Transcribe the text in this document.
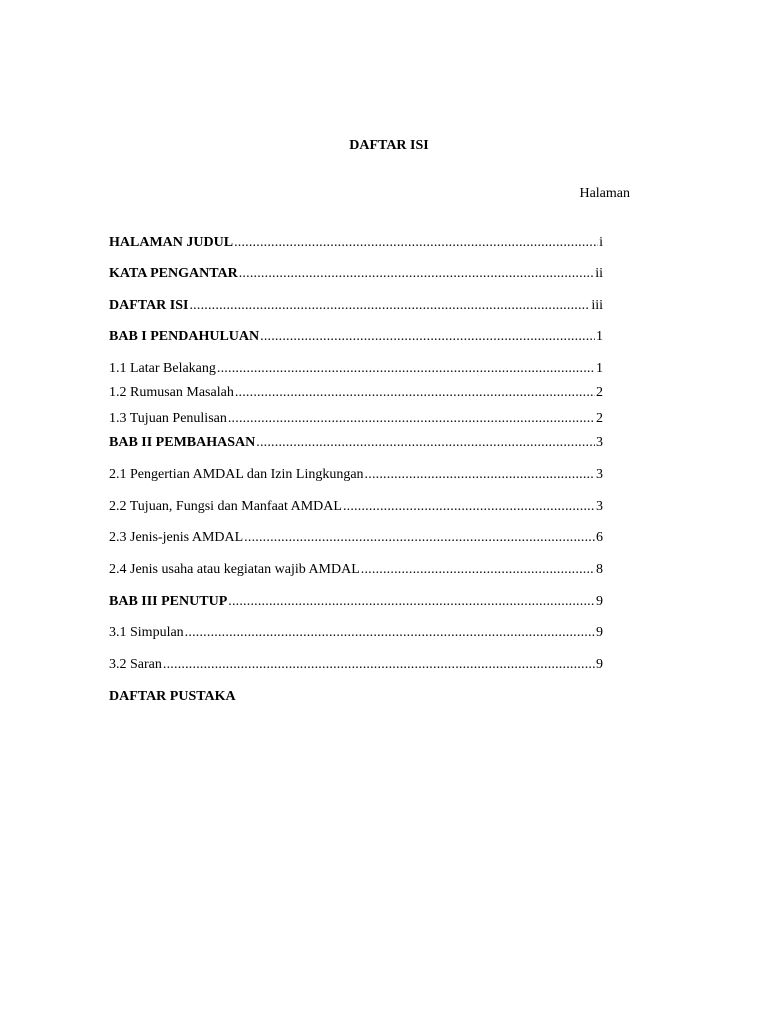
DAFTAR ISI
Halaman
HALAMAN JUDUL .....	i
KATA PENGANTAR .....	ii
DAFTAR ISI .....	iii
BAB I PENDAHULUAN .....	1
1.1 Latar Belakang .....	1
1.2 Rumusan Masalah .....	2
1.3 Tujuan Penulisan .....	2
BAB II PEMBAHASAN .....	3
2.1 Pengertian AMDAL dan Izin Lingkungan .....	3
2.2 Tujuan, Fungsi dan Manfaat AMDAL .....	3
2.3 Jenis-jenis AMDAL .....	6
2.4 Jenis usaha atau kegiatan wajib AMDAL .....	8
BAB III PENUTUP .....	9
3.1 Simpulan .....	9
3.2 Saran .....	9
DAFTAR PUSTAKA
